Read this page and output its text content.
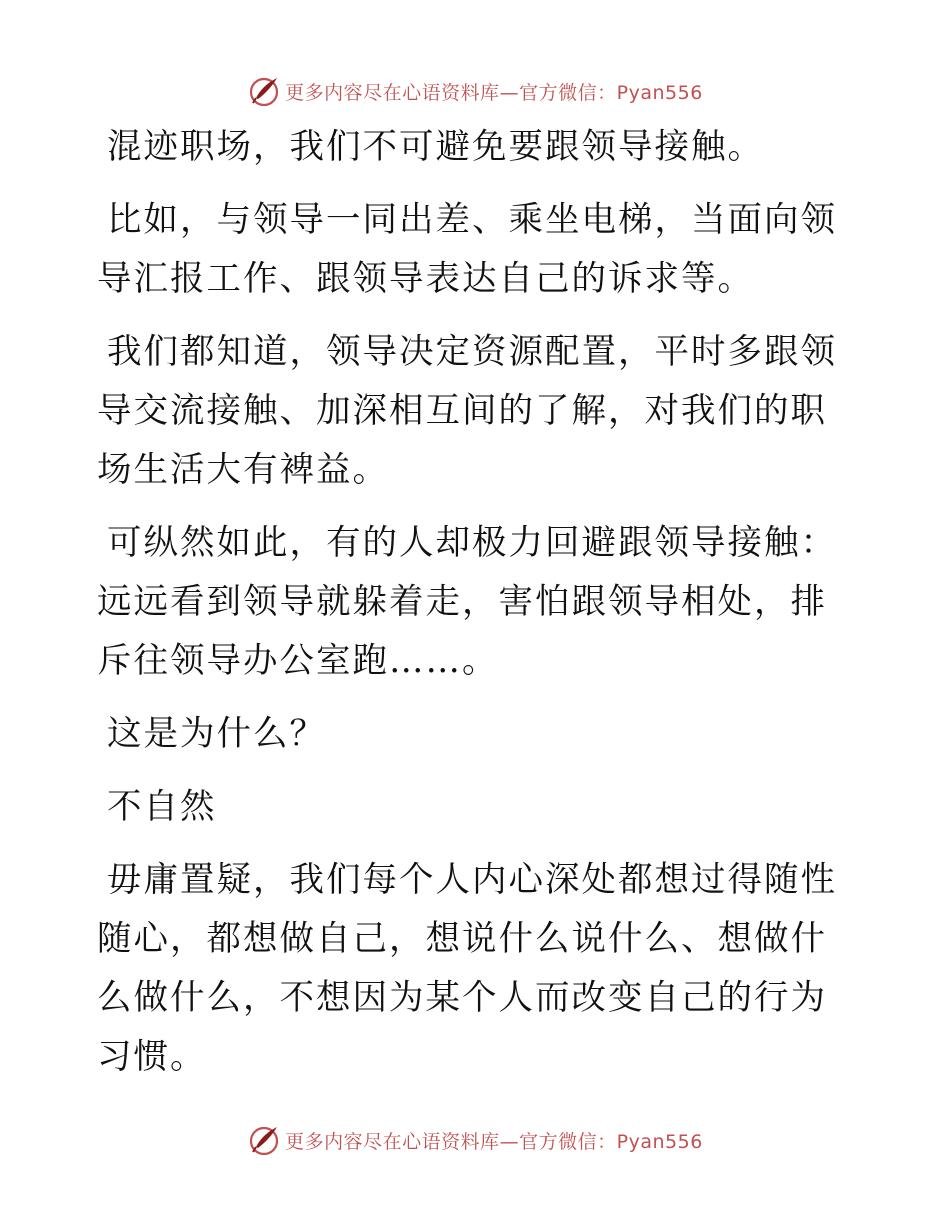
更多内容尽在心语资料库—官方微信：Pyan556

混迹职场，我们不可避免要跟领导接触。

比如，与领导一同出差、乘坐电梯，当面向领导汇报工作、跟领导表达自己的诉求等。

我们都知道，领导决定资源配置，平时多跟领导交流接触、加深相互间的了解，对我们的职场生活大有裨益。

可纵然如此，有的人却极力回避跟领导接触：远远看到领导就躲着走，害怕跟领导相处，排斥往领导办公室跑……。

这是为什么？

不自然

毋庸置疑，我们每个人内心深处都想过得随性随心，都想做自己，想说什么说什么、想做什么做什么，不想因为某个人而改变自己的行为习惯。

更多内容尽在心语资料库—官方微信：Pyan556
